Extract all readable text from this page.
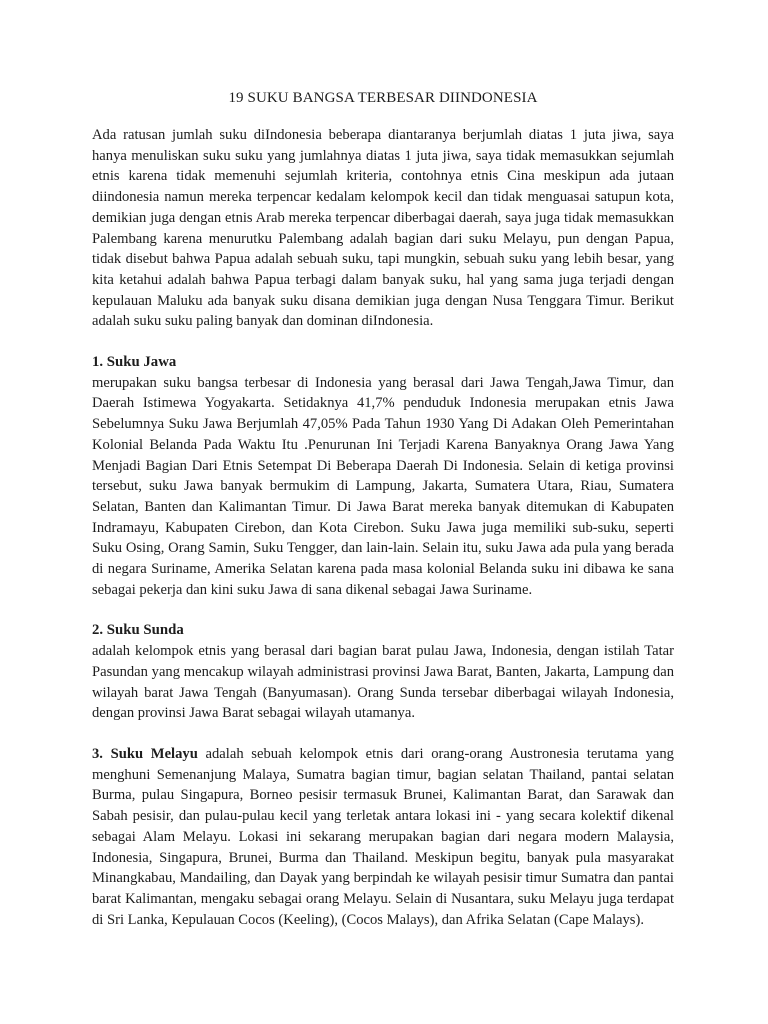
19 SUKU BANGSA TERBESAR DIINDONESIA

Ada ratusan jumlah suku diIndonesia beberapa diantaranya berjumlah diatas 1 juta jiwa, saya hanya menuliskan suku suku yang jumlahnya diatas 1 juta jiwa, saya tidak memasukkan sejumlah etnis karena tidak memenuhi sejumlah kriteria, contohnya etnis Cina meskipun ada jutaan diindonesia namun mereka terpencar kedalam kelompok kecil dan tidak menguasai satupun kota, demikian juga dengan etnis Arab mereka terpencar diberbagai daerah, saya juga tidak memasukkan Palembang karena menurutku Palembang adalah bagian dari suku Melayu, pun dengan Papua, tidak disebut bahwa Papua adalah sebuah suku, tapi mungkin, sebuah suku yang lebih besar, yang kita ketahui adalah bahwa Papua terbagi dalam banyak suku, hal yang sama juga terjadi dengan kepulauan Maluku ada banyak suku disana demikian juga dengan Nusa Tenggara Timur. Berikut adalah suku suku paling banyak dan dominan diIndonesia.

1. Suku Jawa

merupakan suku bangsa terbesar di Indonesia yang berasal dari Jawa Tengah,Jawa Timur, dan Daerah Istimewa Yogyakarta. Setidaknya 41,7% penduduk Indonesia merupakan etnis Jawa Sebelumnya Suku Jawa Berjumlah 47,05% Pada Tahun 1930 Yang Di Adakan Oleh Pemerintahan Kolonial Belanda Pada Waktu Itu .Penurunan Ini Terjadi Karena Banyaknya Orang Jawa Yang Menjadi Bagian Dari Etnis Setempat Di Beberapa Daerah Di Indonesia. Selain di ketiga provinsi tersebut, suku Jawa banyak bermukim di Lampung, Jakarta, Sumatera Utara, Riau, Sumatera Selatan, Banten dan Kalimantan Timur. Di Jawa Barat mereka banyak ditemukan di Kabupaten Indramayu, Kabupaten Cirebon, dan Kota Cirebon. Suku Jawa juga memiliki sub-suku, seperti Suku Osing, Orang Samin, Suku Tengger, dan lain-lain. Selain itu, suku Jawa ada pula yang berada di negara Suriname, Amerika Selatan karena pada masa kolonial Belanda suku ini dibawa ke sana sebagai pekerja dan kini suku Jawa di sana dikenal sebagai Jawa Suriname.

2. Suku Sunda

adalah kelompok etnis yang berasal dari bagian barat pulau Jawa, Indonesia, dengan istilah Tatar Pasundan yang mencakup wilayah administrasi provinsi Jawa Barat, Banten, Jakarta, Lampung dan wilayah barat Jawa Tengah (Banyumasan). Orang Sunda tersebar diberbagai wilayah Indonesia, dengan provinsi Jawa Barat sebagai wilayah utamanya.

3. Suku Melayu adalah sebuah kelompok etnis dari orang-orang Austronesia terutama yang menghuni Semenanjung Malaya, Sumatra bagian timur, bagian selatan Thailand, pantai selatan Burma, pulau Singapura, Borneo pesisir termasuk Brunei, Kalimantan Barat, dan Sarawak dan Sabah pesisir, dan pulau-pulau kecil yang terletak antara lokasi ini - yang secara kolektif dikenal sebagai Alam Melayu. Lokasi ini sekarang merupakan bagian dari negara modern Malaysia, Indonesia, Singapura, Brunei, Burma dan Thailand. Meskipun begitu, banyak pula masyarakat Minangkabau, Mandailing, dan Dayak yang berpindah ke wilayah pesisir timur Sumatra dan pantai barat Kalimantan, mengaku sebagai orang Melayu. Selain di Nusantara, suku Melayu juga terdapat di Sri Lanka, Kepulauan Cocos (Keeling), (Cocos Malays), dan Afrika Selatan (Cape Malays).
